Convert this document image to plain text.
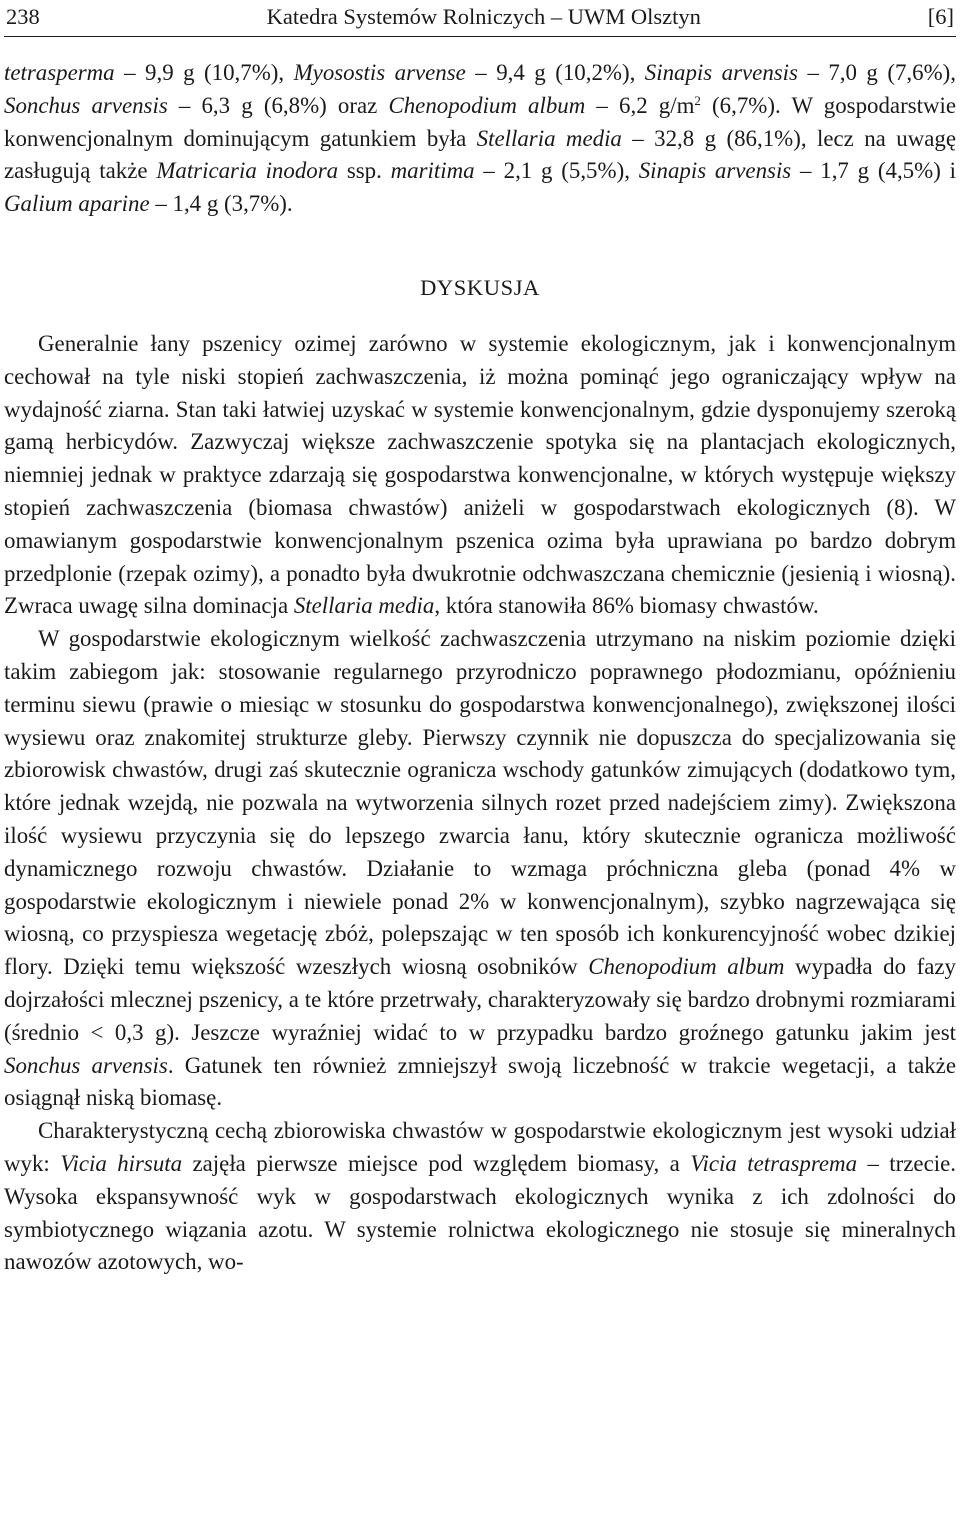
238	Katedra Systemów Rolniczych – UWM Olsztyn	[6]

tetrasperma – 9,9 g (10,7%), Myosostis arvense – 9,4 g (10,2%), Sinapis arvensis – 7,0 g (7,6%), Sonchus arvensis – 6,3 g (6,8%) oraz Chenopodium album – 6,2 $g/m^2$ (6,7%). W gospodarstwie konwencjonalnym dominującym gatunkiem była Stellaria media – 32,8 g (86,1%), lecz na uwagę zasługują także Matricaria inodora ssp. maritima – 2,1 g (5,5%), Sinapis arvensis – 1,7 g (4,5%) i Galium aparine – 1,4 g (3,7%).

DYSKUSJA

Generalnie łany pszenicy ozimej zarówno w systemie ekologicznym, jak i konwencjonalnym cechował na tyle niski stopień zachwaszczenia, iż można pominąć jego ograniczający wpływ na wydajność ziarna. Stan taki łatwiej uzyskać w systemie konwencjonalnym, gdzie dysponujemy szeroką gamą herbicydów. Zazwyczaj większe zachwaszczenie spotyka się na plantacjach ekologicznych, niemniej jednak w praktyce zdarzają się gospodarstwa konwencjonalne, w których występuje większy stopień zachwaszczenia (biomasa chwastów) aniżeli w gospodarstwach ekologicznych (8). W omawianym gospodarstwie konwencjonalnym pszenica ozima była uprawiana po bardzo dobrym przedplonie (rzepak ozimy), a ponadto była dwukrotnie odchwaszczana chemicznie (jesienią i wiosną). Zwraca uwagę silna dominacja Stellaria media, która stanowiła 86% biomasy chwastów.

W gospodarstwie ekologicznym wielkość zachwaszczenia utrzymano na niskim poziomie dzięki takim zabiegom jak: stosowanie regularnego przyrodniczo poprawnego płodozmianu, opóźnieniu terminu siewu (prawie o miesiąc w stosunku do gospodarstwa konwencjonalnego), zwiększonej ilości wysiewu oraz znakomitej strukturze gleby. Pierwszy czynnik nie dopuszcza do specjalizowania się zbiorowisk chwastów, drugi zaś skutecznie ogranicza wschody gatunków zimujących (dodatkowo tym, które jednak wzejdą, nie pozwala na wytworzenia silnych rozet przed nadejściem zimy). Zwiększona ilość wysiewu przyczynia się do lepszego zwarcia łanu, który skutecznie ogranicza możliwość dynamicznego rozwoju chwastów. Działanie to wzmaga próchniczna gleba (ponad 4% w gospodarstwie ekologicznym i niewiele ponad 2% w konwencjonalnym), szybko nagrzewająca się wiosną, co przyspiesza wegetację zbóż, polepszając w ten sposób ich konkurencyjność wobec dzikiej flory. Dzięki temu większość wzeszłych wiosną osobników Chenopodium album wypadła do fazy dojrzałości mlecznej pszenicy, a te które przetrwały, charakteryzowały się bardzo drobnymi rozmiarami (średnio < 0,3 g). Jeszcze wyraźniej widać to w przypadku bardzo groźnego gatunku jakim jest Sonchus arvensis. Gatunek ten również zmniejszył swoją liczebność w trakcie wegetacji, a także osiągnął niską biomasę.

Charakterystyczną cechą zbiorowiska chwastów w gospodarstwie ekologicznym jest wysoki udział wyk: Vicia hirsuta zajęła pierwsze miejsce pod względem biomasy, a Vicia tetrasprema – trzecie. Wysoka ekspansywność wyk w gospodarstwach ekologicznych wynika z ich zdolności do symbiotycznego wiązania azotu. W systemie rolnictwa ekologicznego nie stosuje się mineralnych nawozów azotowych, wo-
